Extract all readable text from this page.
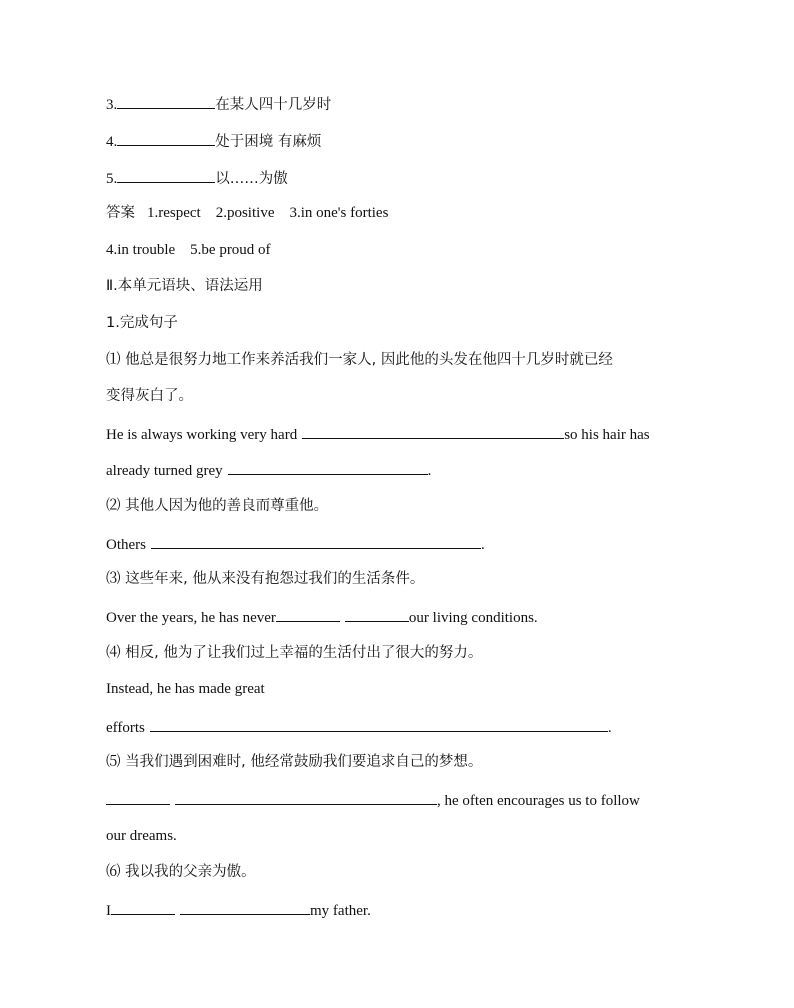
3.	在某人四十几岁时
4.	处于困境 有麻烦
5.	以……为傲
答案 1.respect　2.positive　3.in one's forties
4.in trouble　5.be proud of
Ⅱ.本单元语块、语法运用
1.完成句子
⑴ 他总是很努力地工作来养活我们一家人, 因此他的头发在他四十几岁时就已经
变得灰白了。
He is always working very hard	so his hair has
already turned grey	.
⑵ 其他人因为他的善良而尊重他。
Others	.
⑶ 这些年来, 他从来没有抱怨过我们的生活条件。
Over the years, he has never	our living conditions.
⑷ 相反, 他为了让我们过上幸福的生活付出了很大的努力。
Instead, he has made great
efforts	.
⑸ 当我们遇到困难时, 他经常鼓励我们要追求自己的梦想。
, he often encourages us to follow
our dreams.
⑹ 我以我的父亲为傲。
I	my father.
